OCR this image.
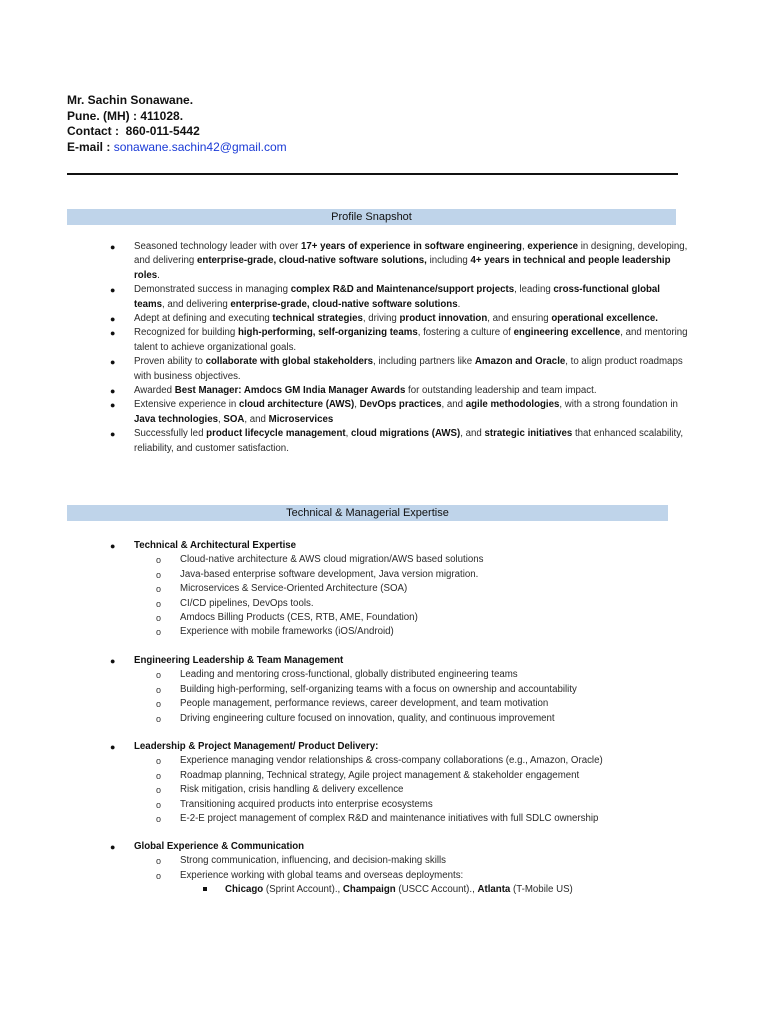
Mr. Sachin Sonawane.
Pune. (MH) : 411028.
Contact : 860-011-5442
E-mail : sonawane.sachin42@gmail.com
Profile Snapshot
● Seasoned technology leader with over 17+ years of experience in software engineering, experience in designing, developing, and delivering enterprise-grade, cloud-native software solutions, including 4+ years in technical and people leadership roles.
● Demonstrated success in managing complex R&D and Maintenance/support projects, leading cross-functional global teams, and delivering enterprise-grade, cloud-native software solutions.
● Adept at defining and executing technical strategies, driving product innovation, and ensuring operational excellence.
● Recognized for building high-performing, self-organizing teams, fostering a culture of engineering excellence, and mentoring talent to achieve organizational goals.
● Proven ability to collaborate with global stakeholders, including partners like Amazon and Oracle, to align product roadmaps with business objectives.
● Awarded Best Manager: Amdocs GM India Manager Awards for outstanding leadership and team impact.
● Extensive experience in cloud architecture (AWS), DevOps practices, and agile methodologies, with a strong foundation in Java technologies, SOA, and Microservices
● Successfully led product lifecycle management, cloud migrations (AWS), and strategic initiatives that enhanced scalability, reliability, and customer satisfaction.
Technical & Managerial Expertise
● Technical & Architectural Expertise
o Cloud-native architecture & AWS cloud migration/AWS based solutions
o Java-based enterprise software development, Java version migration.
o Microservices & Service-Oriented Architecture (SOA)
o CI/CD pipelines, DevOps tools.
o Amdocs Billing Products (CES, RTB, AME, Foundation)
o Experience with mobile frameworks (iOS/Android)
● Engineering Leadership & Team Management
o Leading and mentoring cross-functional, globally distributed engineering teams
o Building high-performing, self-organizing teams with a focus on ownership and accountability
o People management, performance reviews, career development, and team motivation
o Driving engineering culture focused on innovation, quality, and continuous improvement
● Leadership & Project Management/ Product Delivery:
o Experience managing vendor relationships & cross-company collaborations (e.g., Amazon, Oracle)
o Roadmap planning, Technical strategy, Agile project management & stakeholder engagement
o Risk mitigation, crisis handling & delivery excellence
o Transitioning acquired products into enterprise ecosystems
o E-2-E project management of complex R&D and maintenance initiatives with full SDLC ownership
● Global Experience & Communication
o Strong communication, influencing, and decision-making skills
o Experience working with global teams and overseas deployments:
Chicago (Sprint Account)., Champaign (USCC Account)., Atlanta (T-Mobile US)
